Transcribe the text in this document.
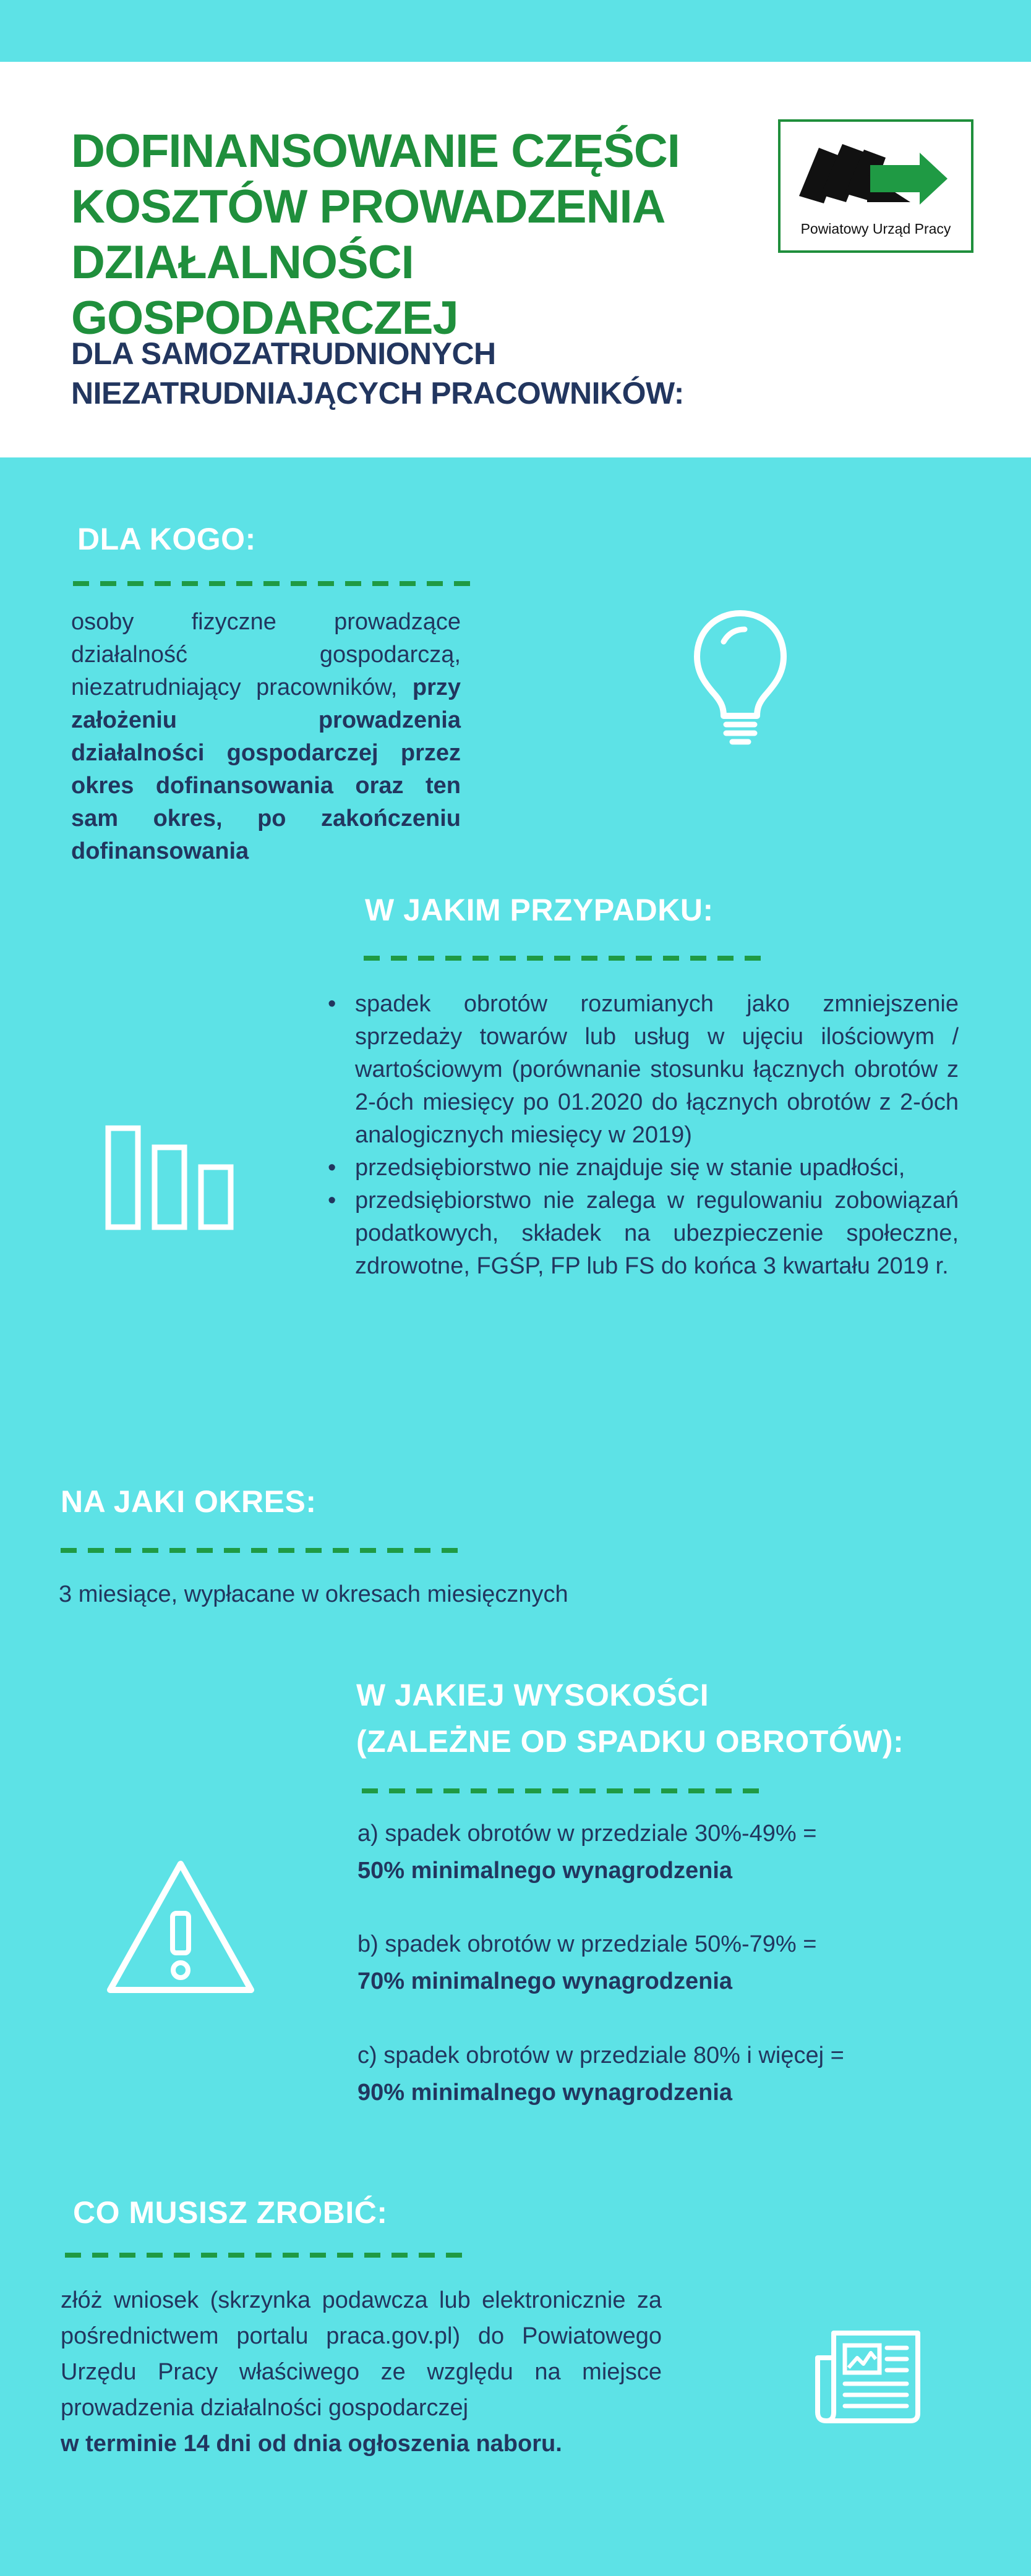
DOFINANSOWANIE CZĘŚCI
KOSZTÓW PROWADZENIA
DZIAŁALNOŚCI GOSPODARCZEJ
DLA SAMOZATRUDNIONYCH
NIEZATRUDNIAJĄCYCH PRACOWNIKÓW:
Powiatowy Urząd Pracy
DLA KOGO:
osoby fizyczne prowadzące działalność gospodarczą, niezatrudniający pracowników, przy założeniu prowadzenia działalności gospodarczej przez okres dofinansowania oraz ten sam okres, po zakończeniu dofinansowania
W JAKIM PRZYPADKU:
• spadek obrotów rozumianych jako zmniejszenie sprzedaży towarów lub usług w ujęciu ilościowym / wartościowym (porównanie stosunku łącznych obrotów z 2-óch miesięcy po 01.2020 do łącznych obrotów z 2-óch analogicznych miesięcy w 2019)
• przedsiębiorstwo nie znajduje się w stanie upadłości,
• przedsiębiorstwo nie zalega w regulowaniu zobowiązań podatkowych, składek na ubezpieczenie społeczne, zdrowotne, FGŚP, FP lub FS do końca 3 kwartału 2019 r.
NA JAKI OKRES:
3 miesiące, wypłacane w okresach miesięcznych
W JAKIEJ WYSOKOŚCI
(ZALEŻNE OD SPADKU OBROTÓW):
a) spadek obrotów w przedziale 30%-49% =
50% minimalnego wynagrodzenia
b) spadek obrotów w przedziale 50%-79% =
70% minimalnego wynagrodzenia
c) spadek obrotów w przedziale 80% i więcej =
90% minimalnego wynagrodzenia
CO MUSISZ ZROBIĆ:
złóż wniosek (skrzynka podawcza lub elektronicznie za pośrednictwem portalu praca.gov.pl) do Powiatowego Urzędu Pracy właściwego ze względu na miejsce prowadzenia działalności gospodarczej
w terminie 14 dni od dnia ogłoszenia naboru.
